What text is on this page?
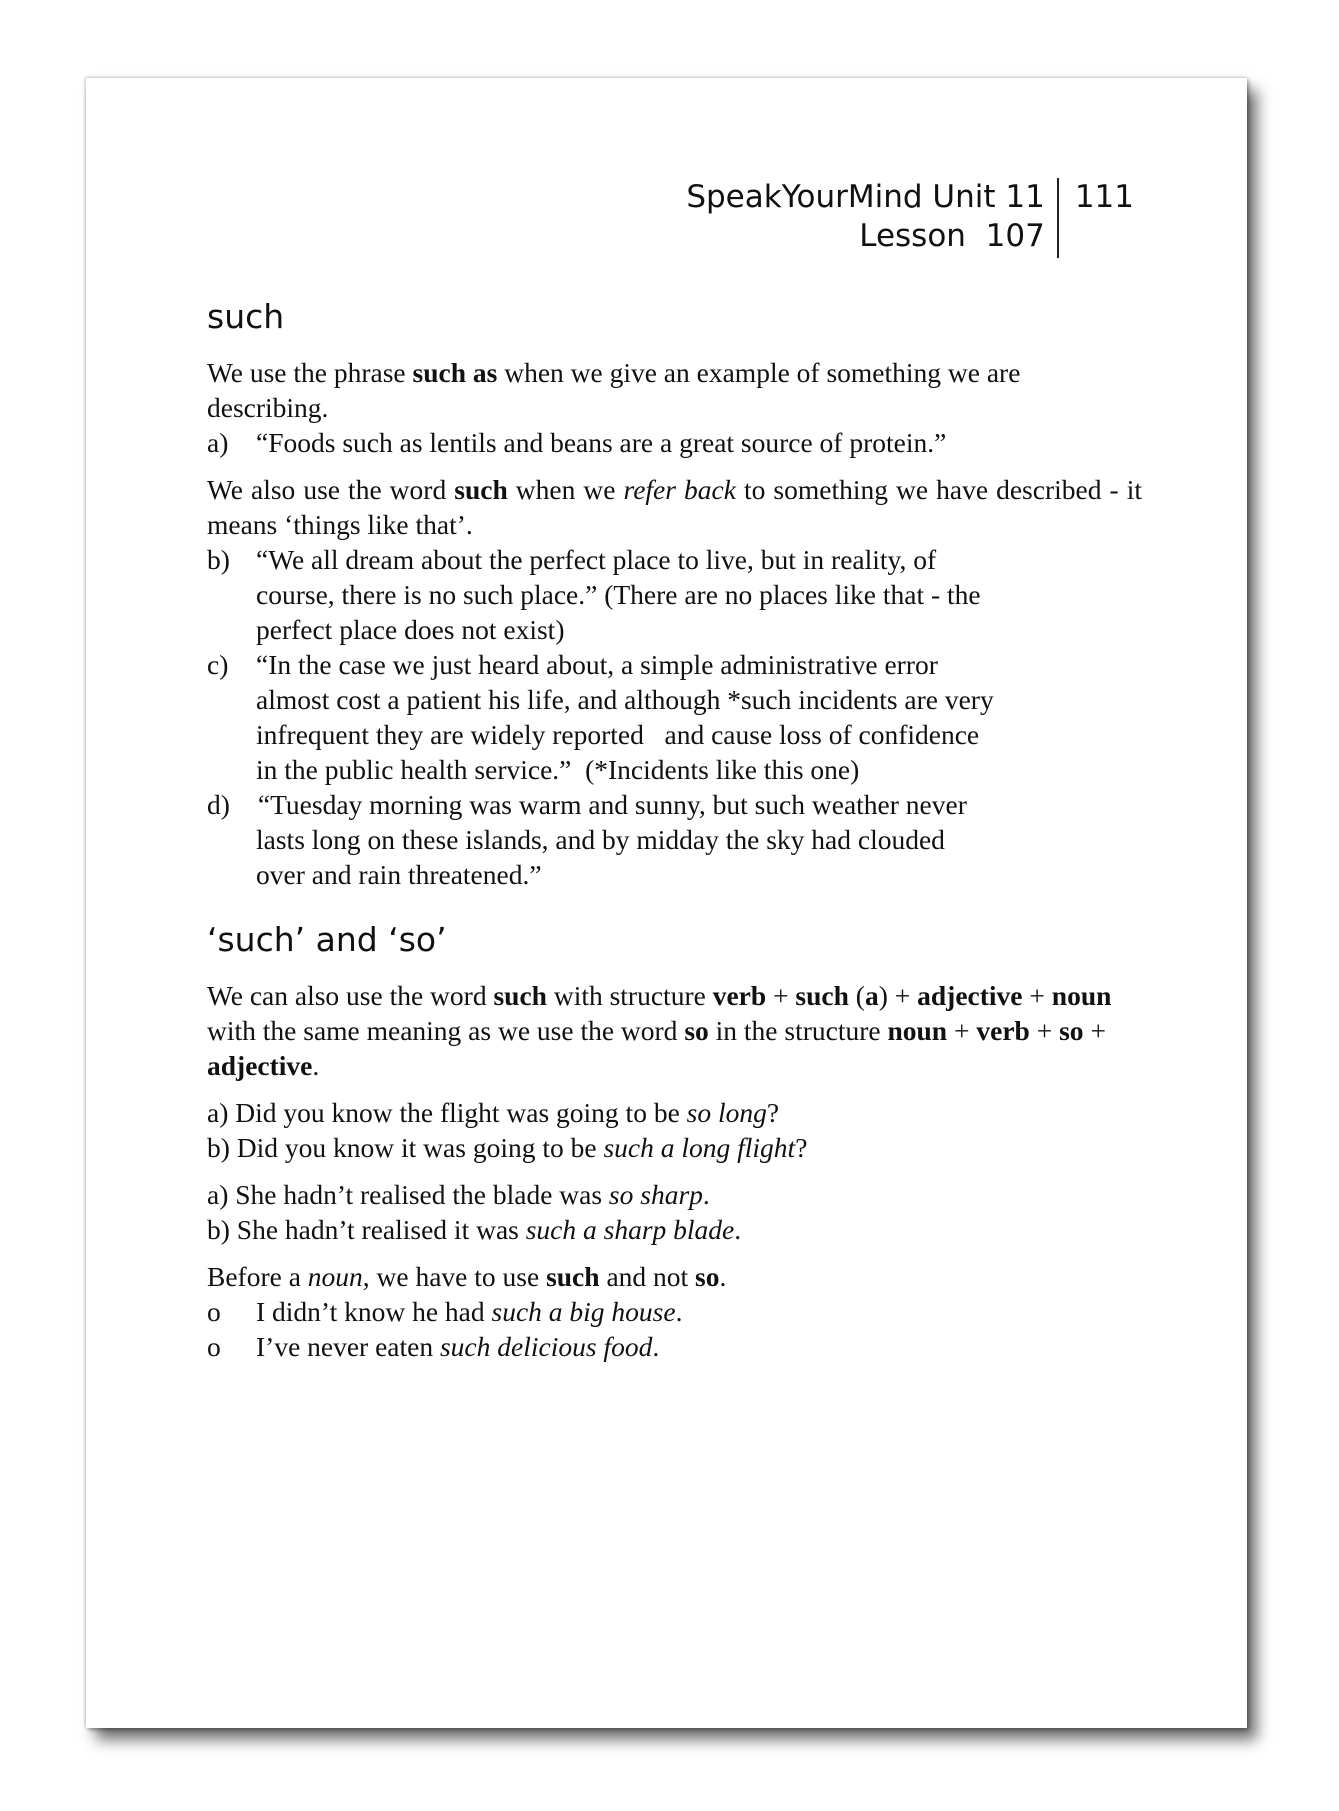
SpeakYourMind Unit 11
Lesson  107
111
such

We use the phrase such as when we give an example of something we are describing.

a)	“Foods such as lentils and beans are a great source of protein.”

We also use the word such when we refer back to something we have described - it means ‘things like that’.

b) “We all dream about the perfect place to live, but in reality, of
course, there is no such place.” (There are no places like that - the
perfect place does not exist)
c)	“In the case we just heard about, a simple administrative error
almost cost a patient his life, and although *such incidents are very
infrequent they are widely reported   and cause loss of confidence
in the public health service.”  (*Incidents like this one)
d) “Tuesday morning was warm and sunny, but such weather never
lasts long on these islands, and by midday the sky had clouded
over and rain threatened.”
‘such’ and ‘so’

We can also use the word such with structure verb + such (a) + adjective + noun with the same meaning as we use the word so in the structure noun + verb + so + adjective.

a) Did you know the flight was going to be so long?

b) Did you know it was going to be such a long flight?

a) She hadn’t realised the blade was so sharp.

b) She hadn’t realised it was such a sharp blade.

Before a noun, we have to use such and not so.

o	I didn’t know he had such a big house.
o	I’ve never eaten such delicious food.
